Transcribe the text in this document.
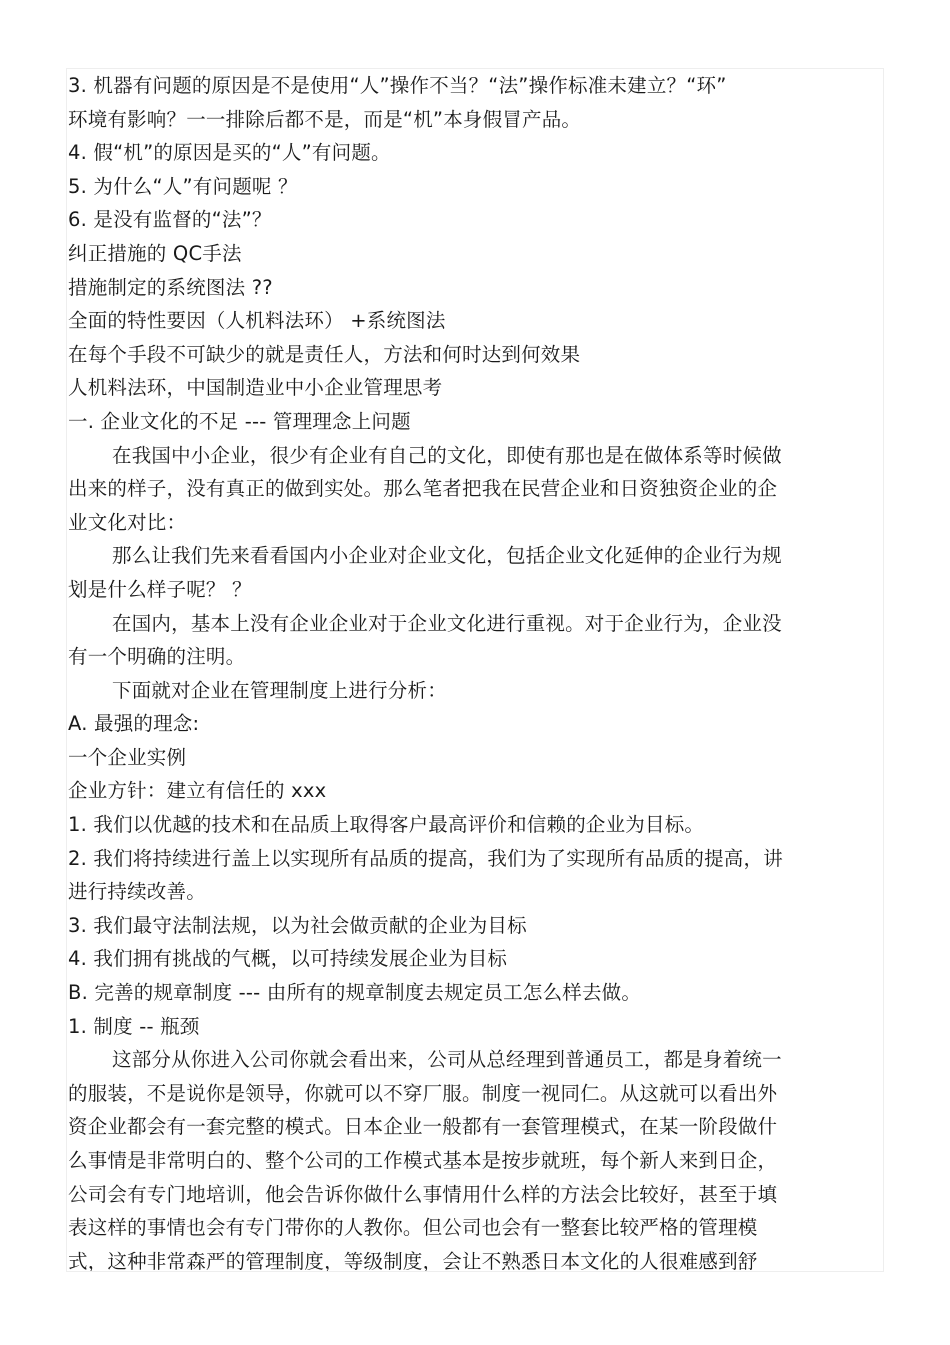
3. 机器有问题的原因是不是使用“人”操作不当？“法”操作标准未建立？“环”
环境有影响？一一排除后都不是，而是“机”本身假冒产品。
4. 假“机”的原因是买的“人”有问题。
5. 为什么“人”有问题呢 ？
6. 是没有监督的“法”？
纠正措施的 QC手法
措施制定的系统图法 ??
全面的特性要因（人机料法环） +系统图法
在每个手段不可缺少的就是责任人，方法和何时达到何效果
人机料法环，中国制造业中小企业管理思考
一. 企业文化的不足 --- 管理理念上问题
在我国中小企业，很少有企业有自己的文化，即使有那也是在做体系等时候做
出来的样子，没有真正的做到实处。那么笔者把我在民营企业和日资独资企业的企
业文化对比：
那么让我们先来看看国内小企业对企业文化，包括企业文化延伸的企业行为规
划是什么样子呢？ ？
在国内，基本上没有企业企业对于企业文化进行重视。对于企业行为，企业没
有一个明确的注明。
下面就对企业在管理制度上进行分析：
A. 最强的理念:
一个企业实例
企业方针：建立有信任的 xxx
1. 我们以优越的技术和在品质上取得客户最高评价和信赖的企业为目标。
2. 我们将持续进行盖上以实现所有品质的提高，我们为了实现所有品质的提高，讲
进行持续改善。
3. 我们最守法制法规，以为社会做贡献的企业为目标
4. 我们拥有挑战的气概，以可持续发展企业为目标
B. 完善的规章制度 --- 由所有的规章制度去规定员工怎么样去做。
1. 制度 -- 瓶颈
这部分从你进入公司你就会看出来，公司从总经理到普通员工，都是身着统一
的服装，不是说你是领导，你就可以不穿厂服。制度一视同仁。从这就可以看出外
资企业都会有一套完整的模式。日本企业一般都有一套管理模式，在某一阶段做什
么事情是非常明白的、整个公司的工作模式基本是按步就班，每个新人来到日企，
公司会有专门地培训，他会告诉你做什么事情用什么样的方法会比较好，甚至于填
表这样的事情也会有专门带你的人教你。但公司也会有一整套比较严格的管理模
式，这种非常森严的管理制度，等级制度，会让不熟悉日本文化的人很难感到舒
